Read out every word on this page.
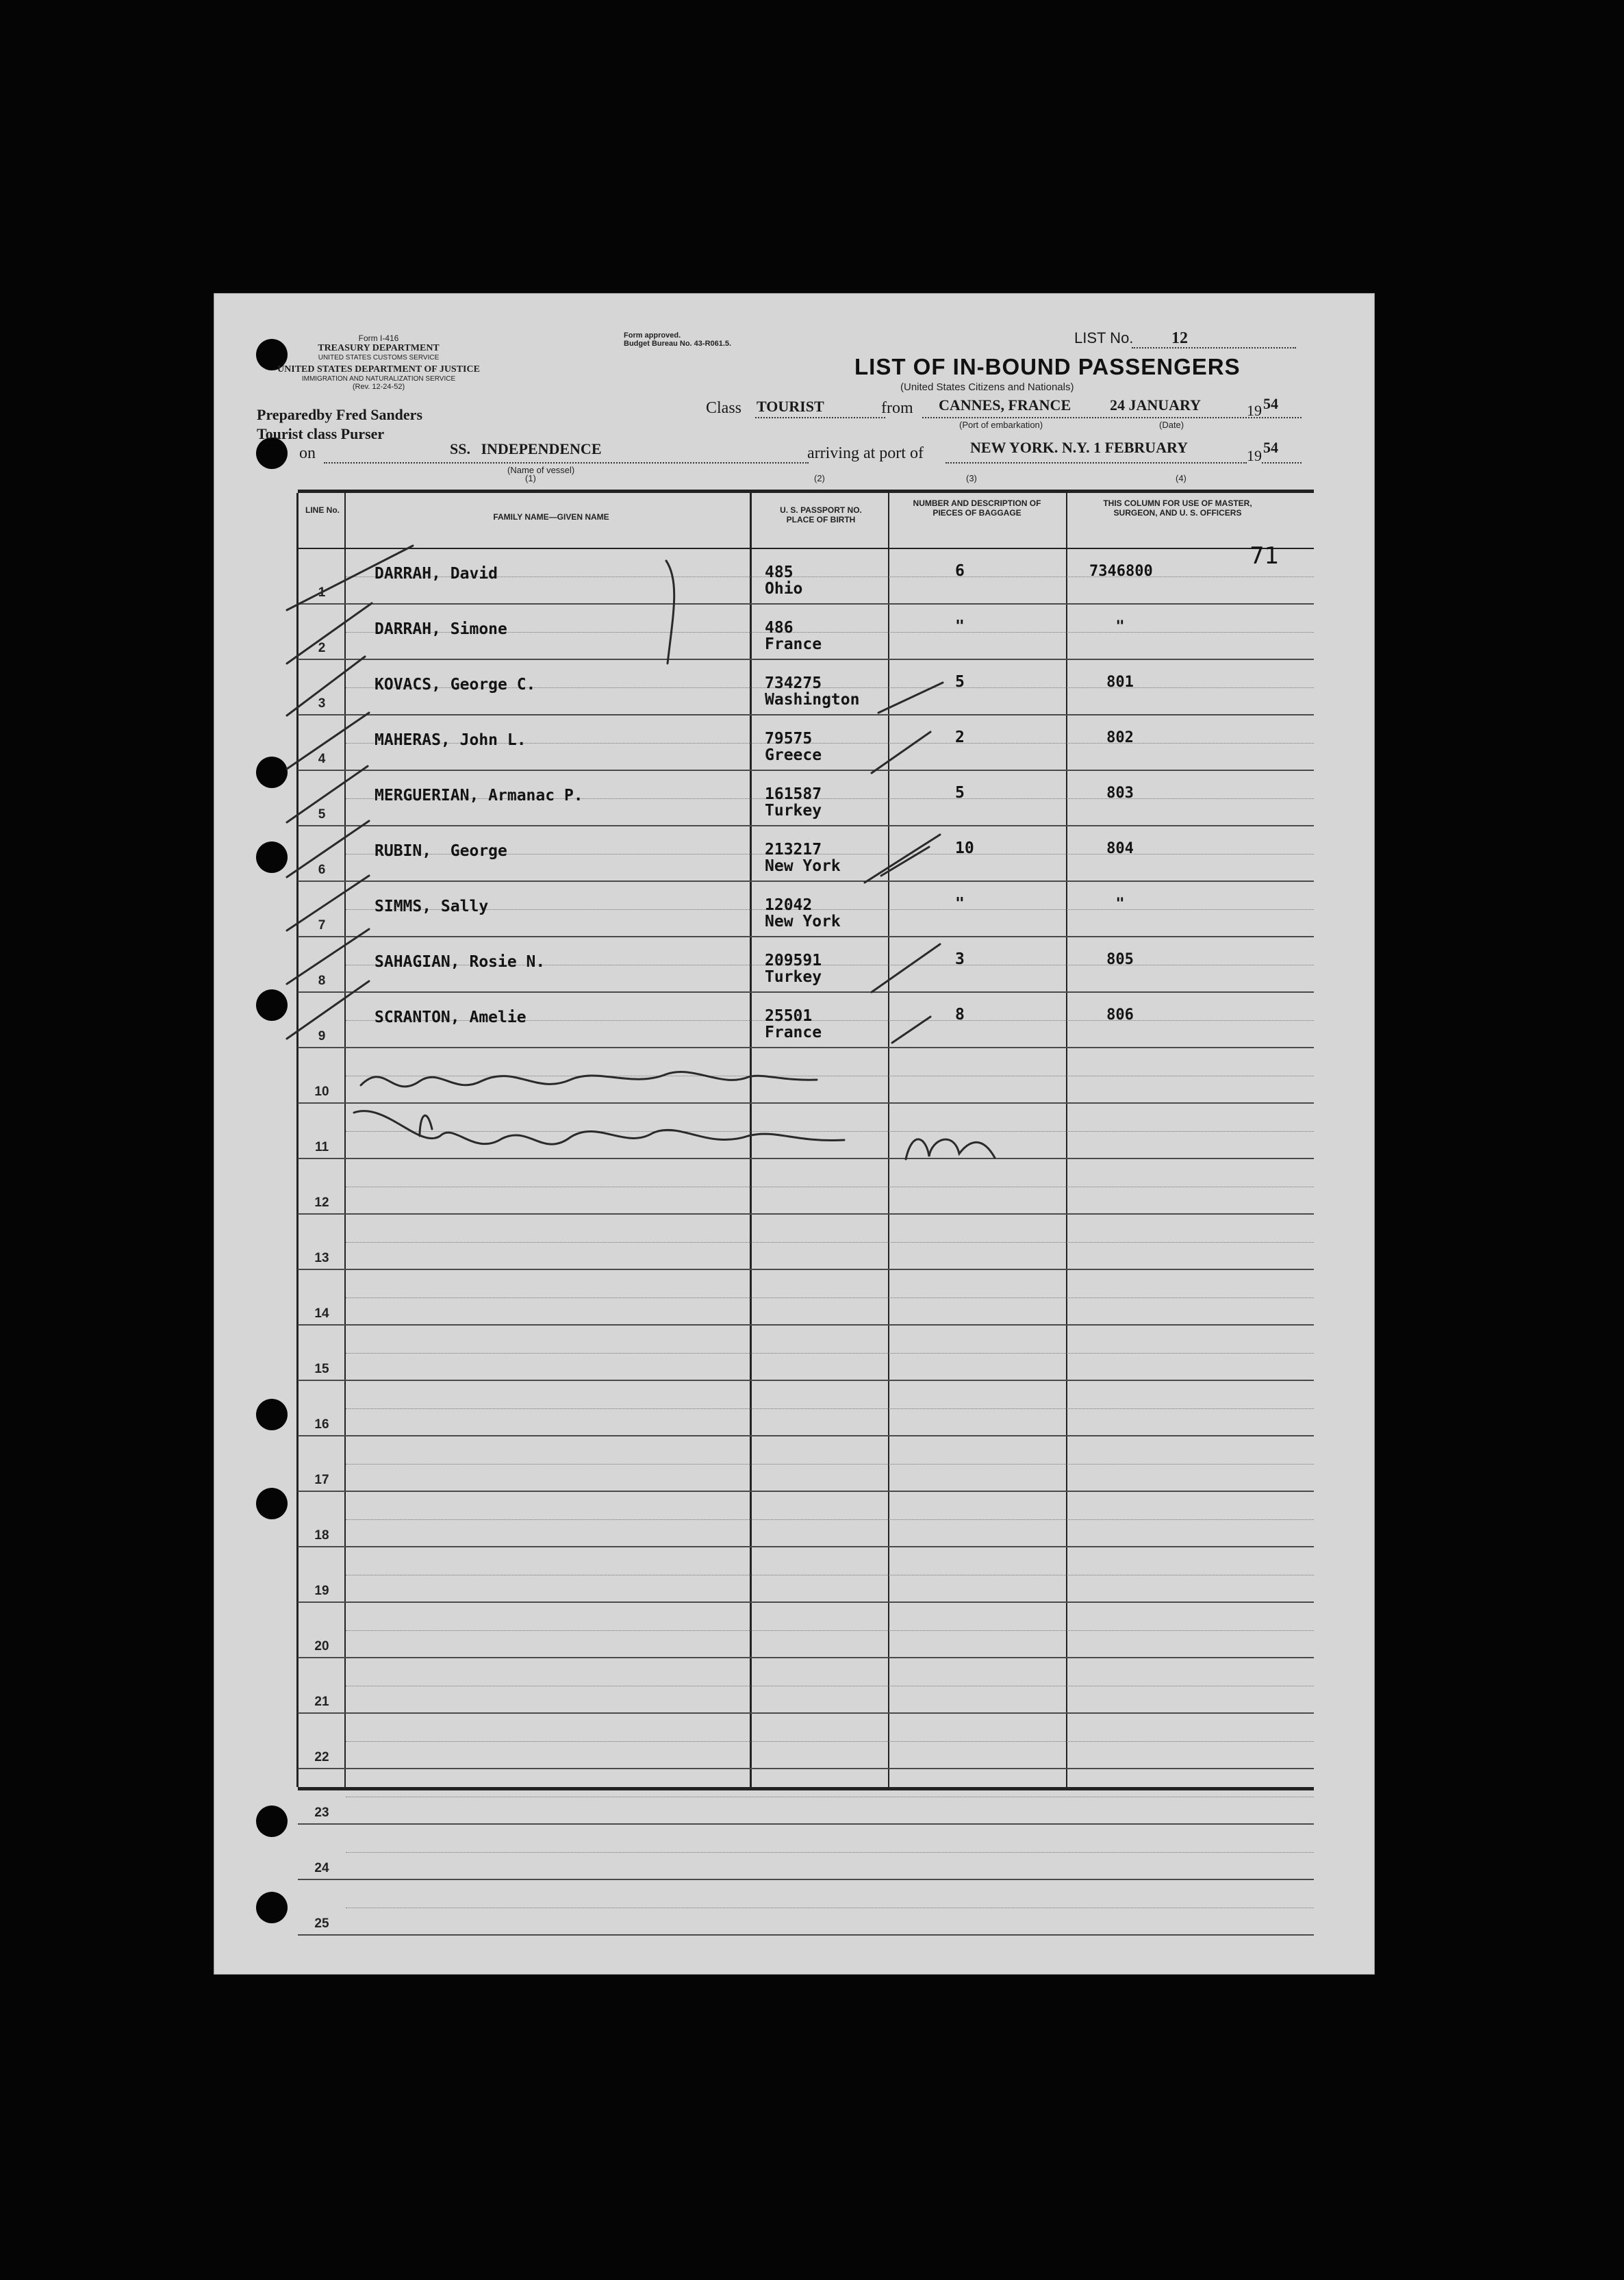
Form I-416
TREASURY DEPARTMENT
UNITED STATES CUSTOMS SERVICE
UNITED STATES DEPARTMENT OF JUSTICE
IMMIGRATION AND NATURALIZATION SERVICE
(Rev. 12-24-52)
Form approved.
Budget Bureau No. 43-R061.5.	LIST No. 12
LIST OF IN-BOUND PASSENGERS
(United States Citizens and Nationals)
Preparedby Fred Sanders
Tourist class Purser
Class TOURIST	from CANNES, FRANCE
(Port of embarkation)
24 JANUARY
(Date)
19 54
on	SS. INDEPENDENCE
(Name of vessel)
arriving at port of	NEW YORK. N.Y. 1 FEBRUARY	19 54
(1)	(2)	(3)	(4)
LINE No.
FAMILY NAME—GIVEN NAME
U. S. PASSPORT NO. PLACE OF BIRTH
NUMBER AND DESCRIPTION OF PIECES OF BAGGAGE
THIS COLUMN FOR USE OF MASTER, SURGEON, AND U. S. OFFICERS
1
DARRAH, David	485
Ohio
6	7346800
2
DARRAH, Simone	486
France
"	"
3
KOVACS, George C.	734275
Washington
5	801
4
MAHERAS, John L.	79575
Greece
2	802
5
MERGUERIAN, Armanac P.	161587
Turkey
5	803
6
RUBIN,  George	213217
New York
10	804
7
SIMMS, Sally	12042
New York
"	"
8
SAHAGIAN, Rosie N.	209591
Turkey
3	805
9
SCRANTON, Amelie	25501
France
8	806
10
11
12
13
14
15
16
17
18
19
20
21
22
23
24
25
71
